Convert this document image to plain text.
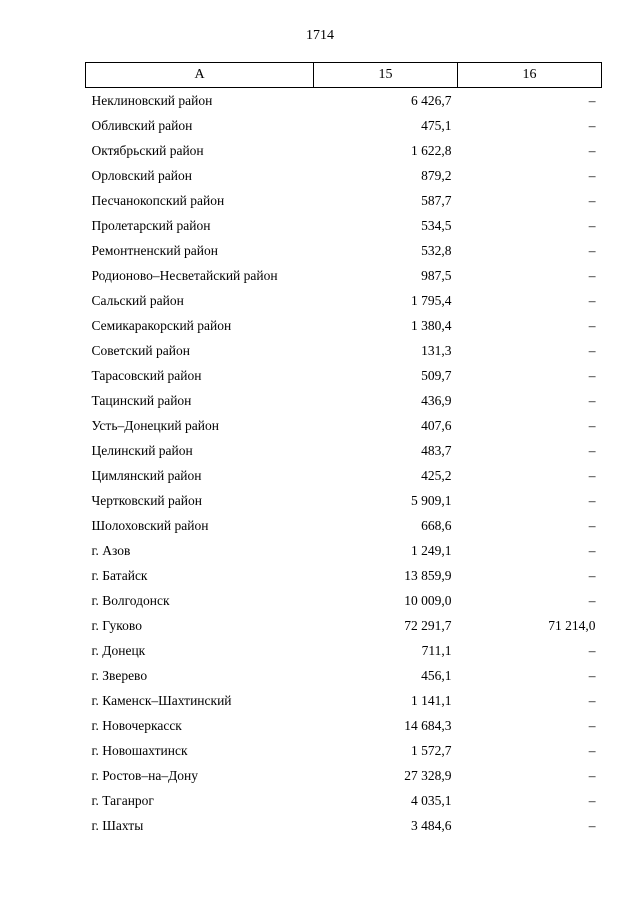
1714
А	15	16
Неклиновский район	6 426,7	–
Обливский район	475,1	–
Октябрьский район	1 622,8	–
Орловский район	879,2	–
Песчанокопский район	587,7	–
Пролетарский район	534,5	–
Ремонтненский район	532,8	–
Родионово–Несветайский район	987,5	–
Сальский район	1 795,4	–
Семикаракорский район	1 380,4	–
Советский район	131,3	–
Тарасовский район	509,7	–
Тацинский район	436,9	–
Усть–Донецкий район	407,6	–
Целинский район	483,7	–
Цимлянский район	425,2	–
Чертковский район	5 909,1	–
Шолоховский район	668,6	–
г. Азов	1 249,1	–
г. Батайск	13 859,9	–
г. Волгодонск	10 009,0	–
г. Гуково	72 291,7	71 214,0
г. Донецк	711,1	–
г. Зверево	456,1	–
г. Каменск–Шахтинский	1 141,1	–
г. Новочеркасск	14 684,3	–
г. Новошахтинск	1 572,7	–
г. Ростов–на–Дону	27 328,9	–
г. Таганрог	4 035,1	–
г. Шахты	3 484,6	–
